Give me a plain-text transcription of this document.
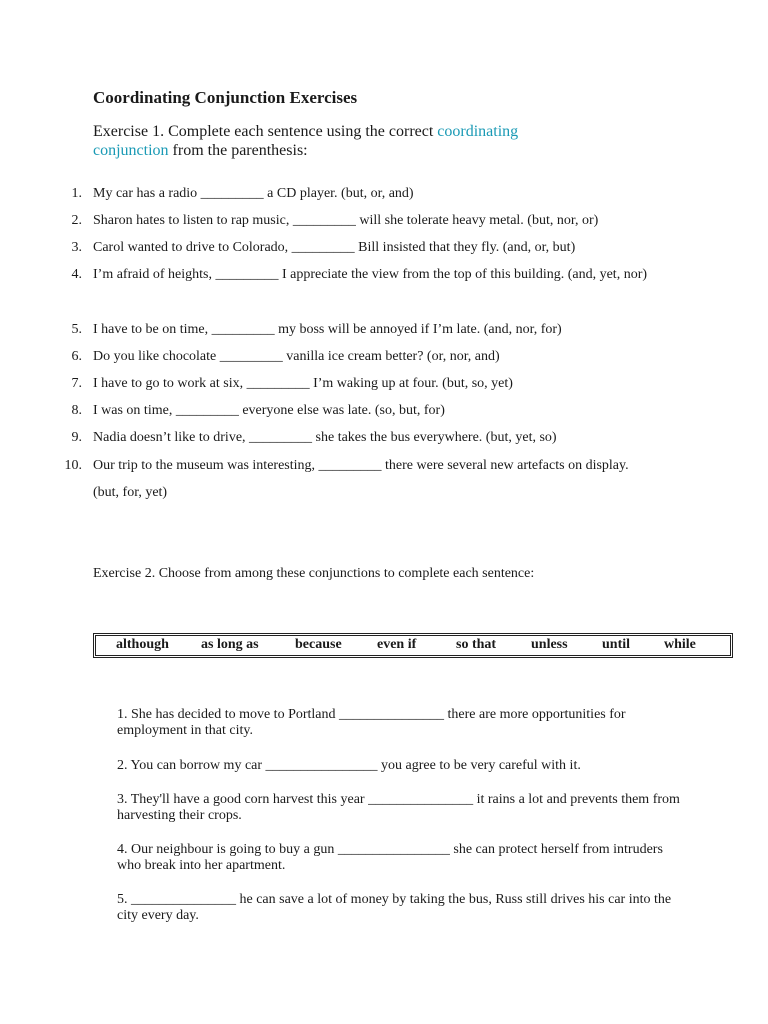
Coordinating Conjunction Exercises
Exercise 1. Complete each sentence using the correct coordinating conjunction from the parenthesis:
1. My car has a radio _________ a CD player. (but, or, and)
2. Sharon hates to listen to rap music, _________ will she tolerate heavy metal. (but, nor, or)
3. Carol wanted to drive to Colorado, _________ Bill insisted that they fly. (and, or, but)
4. I’m afraid of heights, _________ I appreciate the view from the top of this building. (and, yet, nor)
5. I have to be on time, _________ my boss will be annoyed if I’m late. (and, nor, for)
6. Do you like chocolate _________ vanilla ice cream better? (or, nor, and)
7. I have to go to work at six, _________ I’m waking up at four. (but, so, yet)
8. I was on time, _________ everyone else was late. (so, but, for)
9. Nadia doesn’t like to drive, _________ she takes the bus everywhere. (but, yet, so)
10. Our trip to the museum was interesting, _________ there were several new artefacts on display. (but, for, yet)
Exercise 2. Choose from among these conjunctions to complete each sentence:
although as long as	because	even if	so that unless until while
1. She has decided to move to Portland _______________ there are more opportunities for employment in that city.
2. You can borrow my car ________________ you agree to be very careful with it.
3. They'll have a good corn harvest this year _______________ it rains a lot and prevents them from harvesting their crops.
4. Our neighbour is going to buy a gun ________________ she can protect herself from intruders who break into her apartment.
5. _______________ he can save a lot of money by taking the bus, Russ still drives his car into the city every day.
